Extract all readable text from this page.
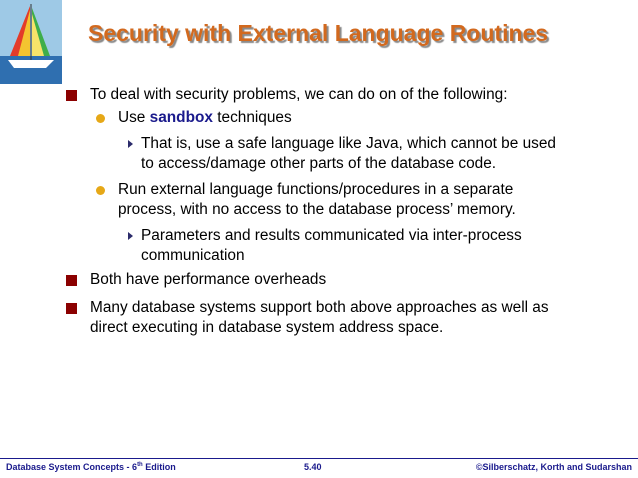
Security with External Language Routines
To deal with security problems, we can do on of the following:
Use sandbox techniques
That is, use a safe language like Java, which cannot be used
to access/damage other parts of the database code.
Run external language functions/procedures in a separate
process, with no access to the database process’ memory.
Parameters and results communicated via inter-process
communication
Both have performance overheads
Many database systems support both above approaches as well as
direct executing in database system address space.
Database System Concepts - 6th Edition	5.40	©Silberschatz, Korth and Sudarshan
